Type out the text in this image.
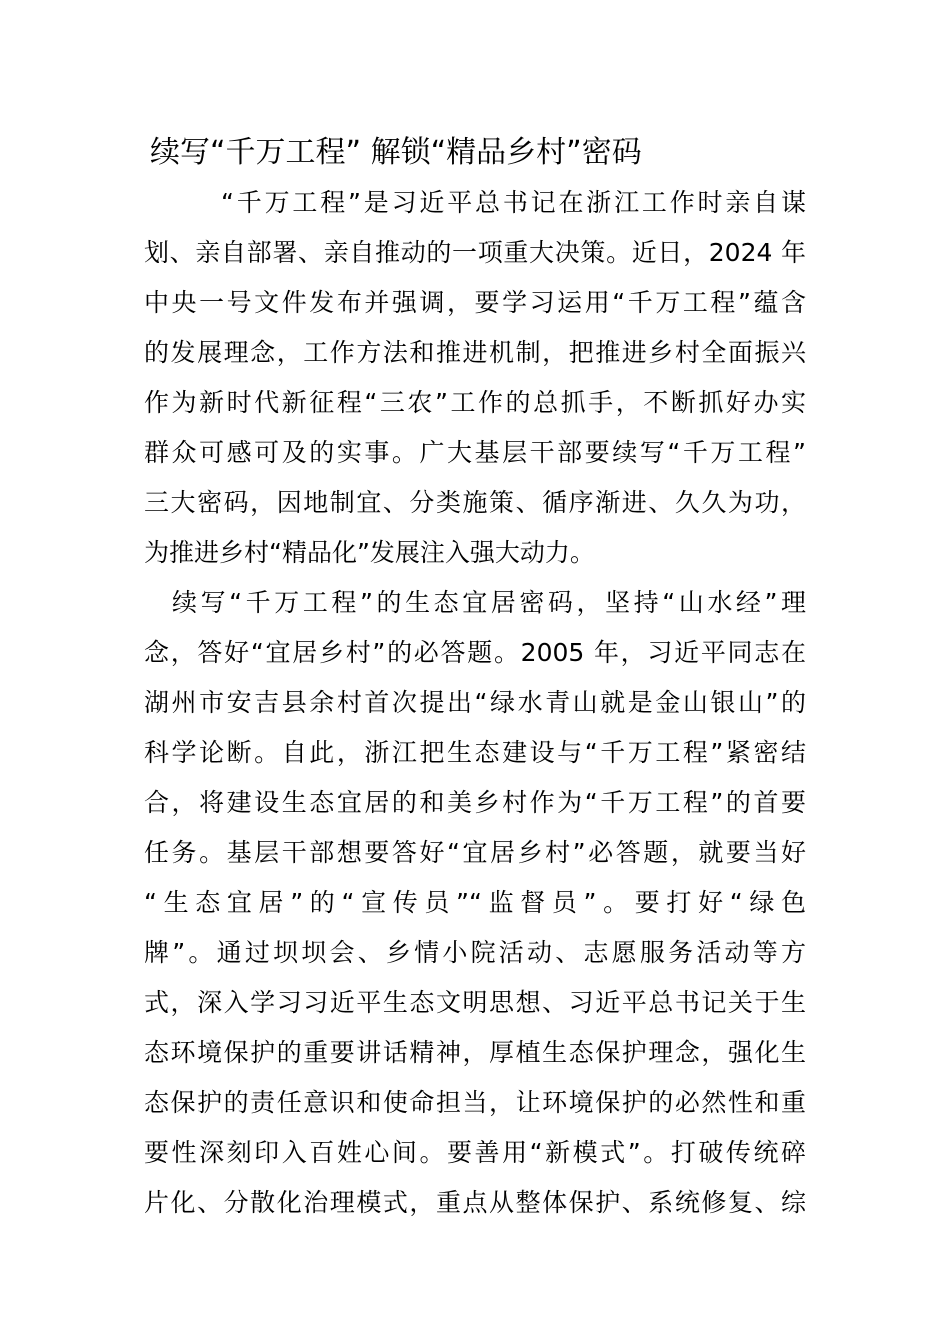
续写“千万工程” 解锁“精品乡村”密码

“千万工程”是习近平总书记在浙江工作时亲自谋

划、亲自部署、亲自推动的一项重大决策。近日，2024 年

中央一号文件发布并强调，要学习运用“千万工程”蕴含

的发展理念，工作方法和推进机制，把推进乡村全面振兴

作为新时代新征程“三农”工作的总抓手，不断抓好办实

群众可感可及的实事。广大基层干部要续写“千万工程”

三大密码，因地制宜、分类施策、循序渐进、久久为功，

为推进乡村“精品化”发展注入强大动力。

续写“千万工程”的生态宜居密码，坚持“山水经”理

念，答好“宜居乡村”的必答题。2005 年，习近平同志在

湖州市安吉县余村首次提出“绿水青山就是金山银山”的

科学论断。自此，浙江把生态建设与“千万工程”紧密结

合，将建设生态宜居的和美乡村作为“千万工程”的首要

任务。基层干部想要答好“宜居乡村”必答题，就要当好

“生态宜居”的“宣传员”“监督员”。要打好“绿色

牌”。通过坝坝会、乡情小院活动、志愿服务活动等方

式，深入学习习近平生态文明思想、习近平总书记关于生

态环境保护的重要讲话精神，厚植生态保护理念，强化生

态保护的责任意识和使命担当，让环境保护的必然性和重

要性深刻印入百姓心间。要善用“新模式”。打破传统碎

片化、分散化治理模式，重点从整体保护、系统修复、综
